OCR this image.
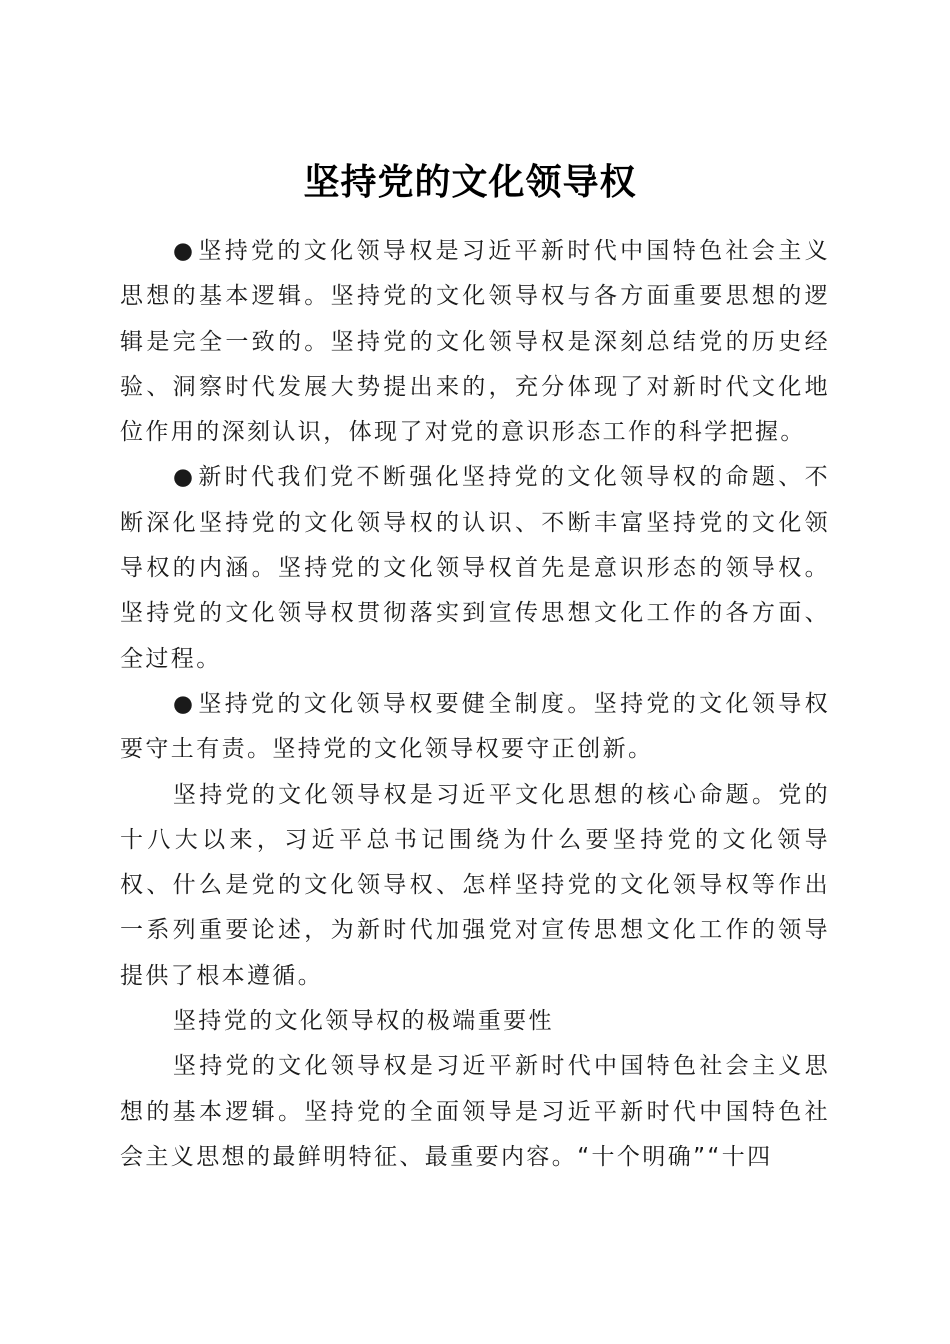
坚持党的文化领导权

●坚持党的文化领导权是习近平新时代中国特色社会主义思想的基本逻辑。坚持党的文化领导权与各方面重要思想的逻辑是完全一致的。坚持党的文化领导权是深刻总结党的历史经验、洞察时代发展大势提出来的，充分体现了对新时代文化地位作用的深刻认识，体现了对党的意识形态工作的科学把握。

●新时代我们党不断强化坚持党的文化领导权的命题、不断深化坚持党的文化领导权的认识、不断丰富坚持党的文化领导权的内涵。坚持党的文化领导权首先是意识形态的领导权。坚持党的文化领导权贯彻落实到宣传思想文化工作的各方面、全过程。

●坚持党的文化领导权要健全制度。坚持党的文化领导权要守土有责。坚持党的文化领导权要守正创新。

坚持党的文化领导权是习近平文化思想的核心命题。党的十八大以来，习近平总书记围绕为什么要坚持党的文化领导权、什么是党的文化领导权、怎样坚持党的文化领导权等作出一系列重要论述，为新时代加强党对宣传思想文化工作的领导提供了根本遵循。

坚持党的文化领导权的极端重要性

坚持党的文化领导权是习近平新时代中国特色社会主义思想的基本逻辑。坚持党的全面领导是习近平新时代中国特色社会主义思想的最鲜明特征、最重要内容。“十个明确”“十四
